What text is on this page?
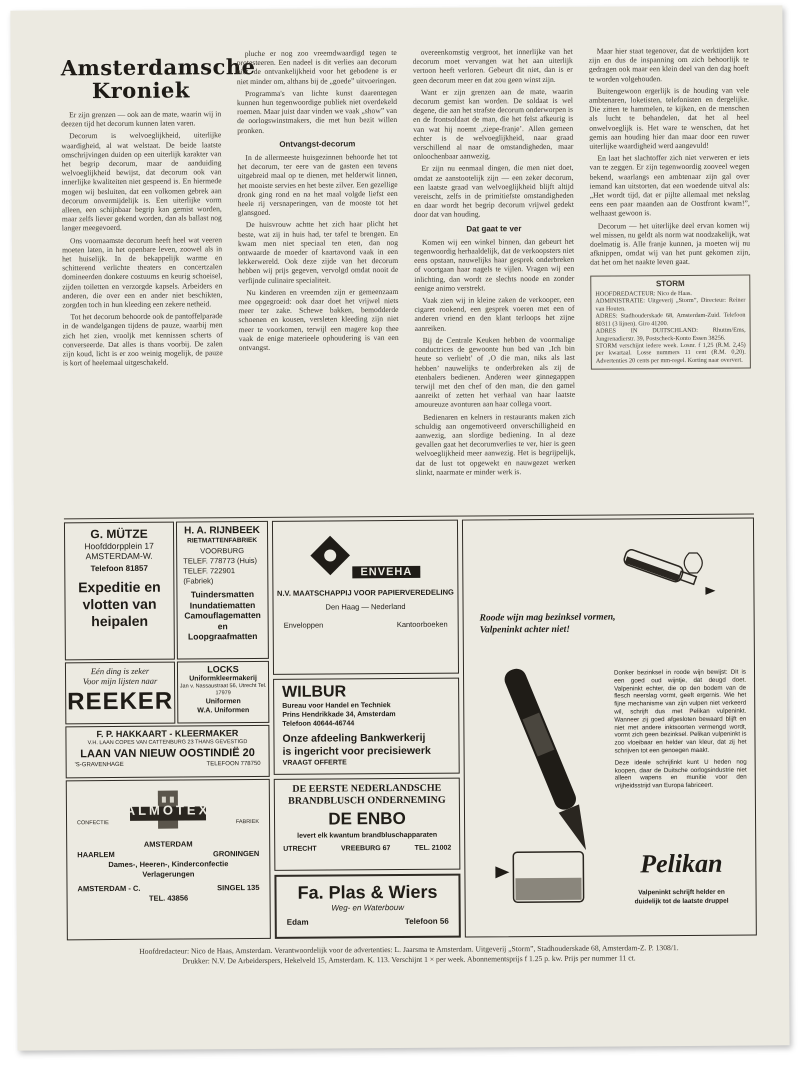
Amsterdamsche Kroniek

Er zijn grenzen — ook aan de mate, waarin wij in deezen tijd het decorum kunnen laten varen.

Decorum is welvoeglijkheid, uiterlijke waardigheid, al wat welstaat. De beide laatste omschrijvingen duiden op een uiterlijk karakter van het begrip decorum, maar de aanduiding welvoeglijkheid bewijst, dat decorum ook van innerlijke kwaliteiten niet gespeend is. En hiermede mogen wij besluiten, dat een volkomen gebrek aan decorum onvermijdelijk is. Een uiterlijke vorm alleen, een schijnbaar begrip kan gemist worden, maar zelfs liever gekend worden, dan als ballast nog langer meegevoerd.

Ons voornaamste decorum heeft heel wat veeren moeten laten, in het openbare leven, zoowel als in het huiselijk. In de bekappelijk warme en schitterend verlichte theaters en concertzalen domineerden donkere costuums en keurig schoeisel, zijden toiletten en verzorgde kapsels. Arbeiders en anderen, die over een en ander niet beschikten, zorgden toch in hun kleeding een zekere netheid.

Tot het decorum behoorde ook de pantoffelparade in de wandelgangen tijdens de pauze, waarbij men zich het zien, vrooljk met kennissen scherts of converseerde. Dat alles is thans voorbij. De zalen zijn koud, licht is er zoo weinig mogelijk, de pauze is kort of heelemaal uitgeschakeld.

pluche er nog zoo vreemdwaardigd tegen te protesteeren. Een nadeel is dit verlies aan decorum niet, de ontvankelijkheid voor het gebodene is er niet minder om, althans bij de „goede” uitvoeringen.

Programma's van lichte kunst daarentegen kunnen hun tegenwoordige publiek niet overdekeld roemen. Maar juist daar vinden we vaak „show” van de oorlogswinstmakers, die met hun bezit willen pronken.

Ontvangst-decorum

In de allermeeste huisgezinnen behoorde het tot het decorum, ter eere van de gasten een tevens uitgebreid maal op te dienen, met helderwit linnen, het mooiste servies en het beste zilver. Een gezellige dronk ging rond en na het maal volgde liefst een heele rij versnaperingen, van de mooste tot het glansgoed.

De huisvrouw achtte het zich haar plicht het beste, wat zij in huis had, ter tafel te brengen. En kwam men niet speciaal ten eten, dan nog ontwaarde de moeder of kaartavond vaak in een lekkerwereld. Ook deze zijde van het decorum hebben wij prijs gegeven, vervolgd omdat nooit de verfijnde culinaire specialiteit.

Nu kinderen en vreemden zijn er gemeenzaam mee opgegroeid: ook daar doet het vrijwel niets meer ter zake. Schewe bakken, bemodderde schoenen en kousen, versleten kleeding zijn niet meer te voorkomen, terwijl een magere kop thee vaak de enige materieele ophoudering is van een ontvangst.

overeenkomstig vergroot, het innerlijke van het decorum moet vervangen wat het aan uiterlijk vertoon heeft verloren. Gebeurt dit niet, dan is er geen decorum meer en dat zou geen winst zijn.

Want er zijn grenzen aan de mate, waarin decorum gemist kan worden. De soldaat is wel degene, die aan het strafste decorum onderworpen is en de frontsoldaat de man, die het felst afkeurig is van wat hij noemt ‚ziepe-franje’. Allen gemeen echter is de welvoeglijkheid, naar graad verschillend al naar de omstandigheden, maar onloochenbaar aanwezig.

Er zijn nu eenmaal dingen, die men niet doet, omdat ze aanstootelijk zijn — een zeker decorum, een laatste graad van welvoeglijkheid blijft altijd vereischt, zelfs in de primitiefste omstandigheden en daar wordt het begrip decorum vrijwel gedekt door dat van houding.

Dat gaat te ver

Komen wij een winkel binnen, dan gebeurt het tegenwoordig herhaaldelijk, dat de verkoopsters niet eens opstaan, nauwelijks haar gesprek onderbreken of voortgaan haar nagels te vijlen. Vragen wij een inlichting, dan wordt ze slechts noode en zonder eenige animo verstrekt.

Vaak zien wij in kleine zaken de verkooper, een cigaret rookend, een gesprek voeren met een of anderen vriend en den klant terloops het zijne aanreiken.

Bij de Centrale Keuken hebben de voormalige conductrices de gewoonte hun bed van ‚Ich bin heute so verliebt’ of ‚O die man, niks als last hebben’ nauwelijks te onderbreken als zij de etenbalers bedienen. Anderen weer ginnegappen terwijl met den chef of den man, die den gamel aanreikt of zetten het verhaal van haar laatste amoureuze avonturen aan haar collega voort.

Bedienaren en kelners in restaurants maken zich schuldig aan ongemotiveerd onverschilligheid en aanwezig, aan slordige bediening. In al deze gevallen gaat het decorumverlies te ver, hier is geen welvoeglijkheid meer aanwezig. Het is begrijpelijk, dat de lust tot opgewekt en nauwgezet werken slinkt, naarmate er minder werk is.

Maar hier staat tegenover, dat de werktijden kort zijn en dus de inspanning om zich behoorlijk te gedragen ook maar een klein deel van den dag hoeft te worden volgehouden.

Buitengewoon ergerlijk is de houding van vele ambtenaren, loketisten, telefonisten en dergelijke. Die zitten te hammelen, te kijken, en de menschen als lucht te behandelen, dat het al heel onwelvoeglijk is. Het ware te wenschen, dat het gemis aan houding hier dan maar door een ruwer uiterlijke waardigheid werd aangevuld!

En laat het slachtoffer zich niet verweren er iets van te zeggen. Er zijn tegenwoordig zooveel wegen bekend, waarlangs een ambtenaar zijn gal over iemand kan uitstorten, dat een woedende uitval als: „Het wordt tijd, dat er pijlte allemaal met nekslag eens een paar maanden aan de Oostfront kwam!”, welhaast gewoon is.

Decorum — het uiterlijke deel ervan komen wij wel missen, nu geldt als norm wat noodzakelijk, wat doelmatig is. Alle franje kunnen, ja moeten wij nu afknippen, omdat wij van het punt gekomen zijn, dat het om het naakte leven gaat.

STORM
HOOFDREDACTEUR: Nico de Haas.
ADMINISTRATIE: Uitgeverij „Storm”, Directeur: Reiner van Houten.
ADRES: Stadhouderskade 68, Amsterdam-Zuid. Telefoon 80311 (3 lijnen). Giro 41200.
ADRES IN DUITSCHLAND: Rhuttm/Ems, Jungrenadierstr. 39, Postscheck-Konto Essen 38256.
STORM verschijnt iedere week. Losnr. f 1,25 (R.M. 2,45) per kwartaal. Losse nummers 11 cent (R.M. 0,20). Advertenties 20 cents per mm-regel. Korting naar oververt.
G. MÜTZE
Hoofddorpplein 17
AMSTERDAM-W.
Telefoon 81857
Expeditie en vlotten van heipalen
H. A. RIJNBEEK
RIETMATTENFABRIEK
VOORBURG
TELEF. 778773 (Huis)
TELEF. 722901 (Fabriek)
Tuindersmatten
Inundatiematten
Camouflagematten
en
Loopgraafmatten
Eén ding is zeker
Voor mijn lijsten naar
REEKER
LOCKS
Uniformkleermakerij
Jan v. Nassaustraat 56, Utrecht Tel. 17979
Uniformen
W.A. Uniformen
F. P. HAKKAART - KLEERMAKER
V.H. LAAN COPES VAN CATTENBURG 23 THANS GEVESTIGD
LAAN VAN NIEUW OOSTINDIË 20
'S-GRAVENHAGE	TELEFOON 778750
ALMOTEX
CONFECTIE	FABRIEK
AMSTERDAM
HAARLEM	GRONINGEN
Dames-, Heeren-, Kinderconfectie
Verlagerungen
AMSTERDAM - C.	SINGEL 135
TEL. 43856
ENVEHA
N.V. MAATSCHAPPIJ VOOR PAPIERVEREDELING
Den Haag — Nederland
Enveloppen	Kantoorboeken
WILBUR
Bureau voor Handel en Techniek
Prins Hendrikkade 34, Amsterdam
Telefoon 40644-46744
Onze afdeeling Bankwerkerij
is ingericht voor precisiewerk
VRAAGT OFFERTE
DE EERSTE NEDERLANDSCHE
BRANDBLUSCH ONDERNEMING
DE ENBO
levert elk kwantum brandbluschapparaten
UTRECHT	VREEBURG 67	TEL. 21002
Fa. Plas & Wiers
Weg- en Waterbouw
Edam	Telefoon 56
Roode wijn mag bezinksel vormen,
Valpeninkt achter niet!
Donker bezinksel in roode wijn bewijst: Dit is een goed oud wijntje, dat deugd doet. Valpeninkt echter, die op den bodem van de flesch neerslag vormt, geeft ergernis. Wie het fijne mechanisme van zijn vulpen niet verkeerd wil, schrijft dus met Pelikan vulpeninkt. Wanneer zij goed afgesloten bewaard blijft en niet met andere inktsoorten vermengd wordt, vormt zich geen bezinksel. Pelikan vulpeninkt is zoo vloeibaar en helder van kleur, dat zij het schrijven tot een genoegen maakt.
Deze ideale schrijfinkt kunt U heden nog koopen, daar de Duitsche oorlogsindustrie niet alleen wapens en munitie voor den vrijheidsstrijd van Europa fabriceert.
Pelikan
Valpeninkt schrijft helder en
duidelijk tot de laatste druppel
Hoofdredacteur: Nico de Haas, Amsterdam. Verantwoordelijk voor de advertenties: L. Jaarsma te Amsterdam. Uitgeverij „Storm”, Stadhouderskade 68, Amsterdam-Z. P. 1308/1.
Drukker: N.V. De Arbeiderspers, Hekelveld 15, Amsterdam. K. 113. Verschijnt 1 × per week. Abonnementsprijs f 1.25 p. kw. Prijs per nummer 11 ct.
